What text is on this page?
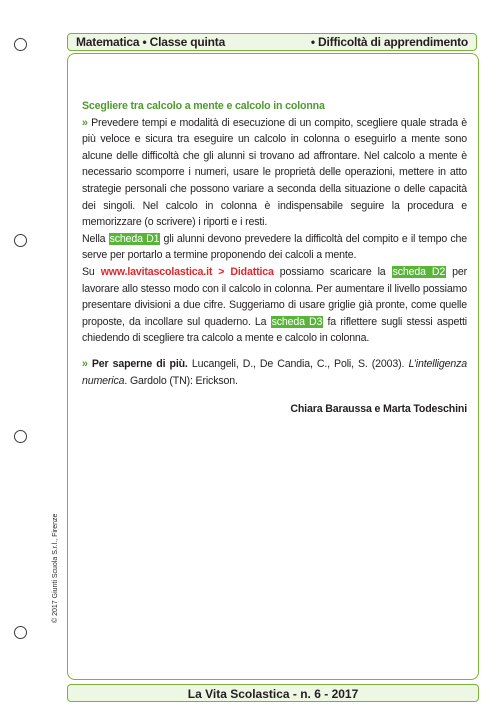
Matematica • Classe quinta	• Difficoltà di apprendimento

Scegliere tra calcolo a mente e calcolo in colonna

» Prevedere tempi e modalità di esecuzione di un compito, scegliere quale strada è più veloce e sicura tra eseguire un calcolo in colonna o eseguirlo a mente sono alcune delle difficoltà che gli alunni si trovano ad affrontare. Nel calcolo a mente è necessario scomporre i numeri, usare le proprietà delle operazioni, mettere in atto strategie personali che possono variare a seconda della situazione o delle capacità dei singoli. Nel calcolo in colonna è indispensabile seguire la procedura e memorizzare (o scrivere) i riporti e i resti.

Nella scheda D1 gli alunni devono prevedere la difficoltà del compito e il tempo che serve per portarlo a termine proponendo dei calcoli a mente.

Su www.lavitascolastica.it > Didattica possiamo scaricare la scheda D2 per lavorare allo stesso modo con il calcolo in colonna. Per aumentare il livello possiamo presentare divisioni a due cifre. Suggeriamo di usare griglie già pronte, come quelle proposte, da incollare sul quaderno. La scheda D3 fa riflettere sugli stessi aspetti chiedendo di scegliere tra calcolo a mente e calcolo in colonna.

» Per saperne di più. Lucangeli, D., De Candia, C., Poli, S. (2003). L’intelligenza numerica. Gardolo (TN): Erickson.

Chiara Baraussa e Marta Todeschini

© 2017 Giunti Scuola S.r.l., Firenze
La Vita Scolastica - n. 6 - 2017
